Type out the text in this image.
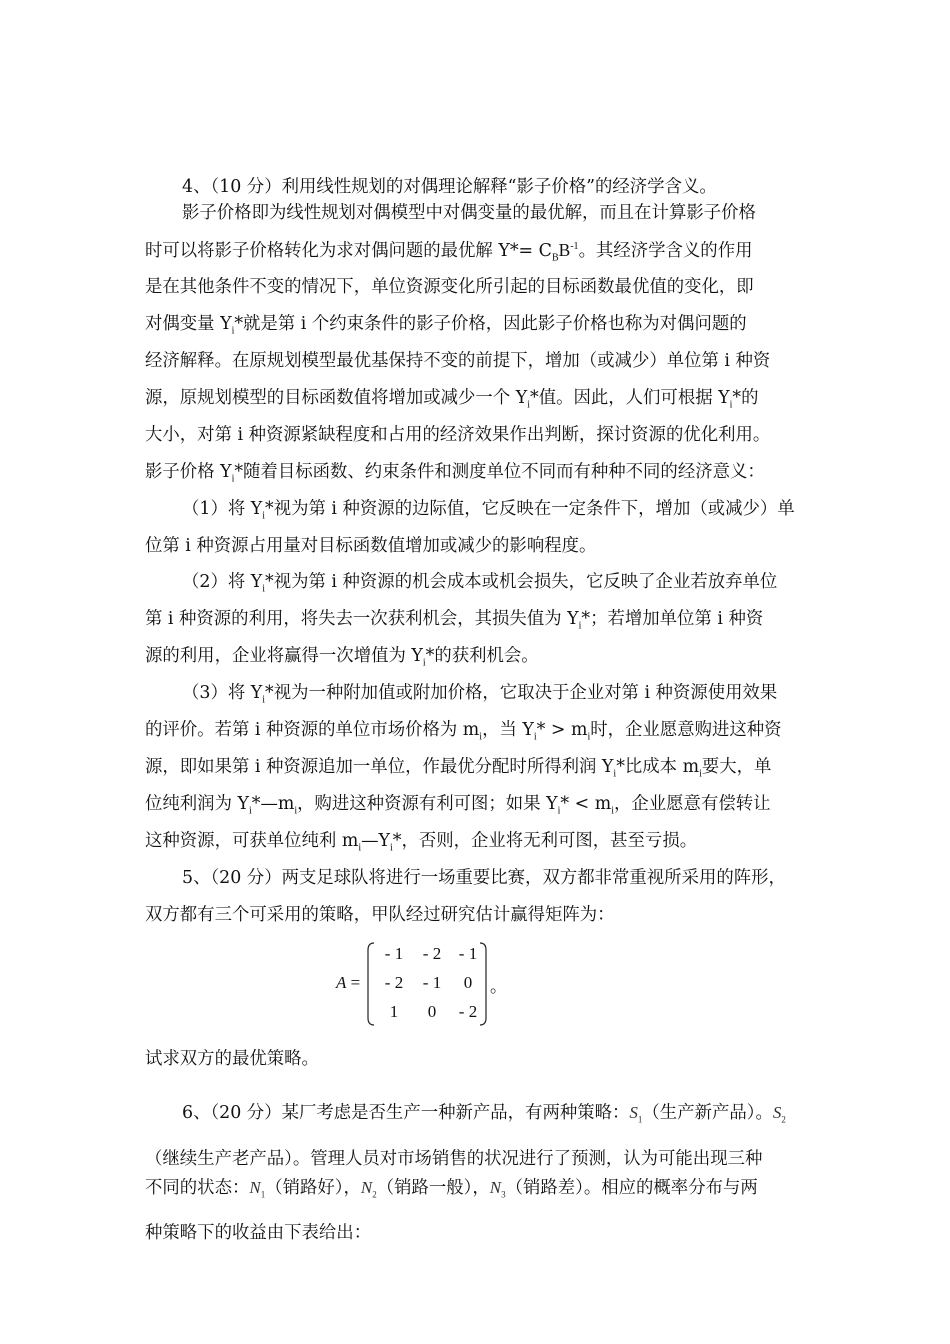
4、（10 分）利用线性规划的对偶理论解释“影子价格”的经济学含义。
影子价格即为线性规划对偶模型中对偶变量的最优解，而且在计算影子价格
时可以将影子价格转化为求对偶问题的最优解 $Y*= C_BB^{-1}$。其经济学含义的作用
是在其他条件不变的情况下，单位资源变化所引起的目标函数最优值的变化，即
对偶变量 $Y_i*$就是第 i 个约束条件的影子价格，因此影子价格也称为对偶问题的
经济解释。在原规划模型最优基保持不变的前提下，增加（或减少）单位第 i 种资
源，原规划模型的目标函数值将增加或减少一个 $Y_i*$值。因此，人们可根据 $Y_i*$的
大小，对第 i 种资源紧缺程度和占用的经济效果作出判断，探讨资源的优化利用。
影子价格 $Y_i*$随着目标函数、约束条件和测度单位不同而有种种不同的经济意义：
（1）将 $Y_i*$视为第 i 种资源的边际值，它反映在一定条件下，增加（或减少）单
位第 i 种资源占用量对目标函数值增加或减少的影响程度。
（2）将 $Y_i*$视为第 i 种资源的机会成本或机会损失，它反映了企业若放弃单位
第 i 种资源的利用，将失去一次获利机会，其损失值为 $Y_i*$；若增加单位第 i 种资
源的利用，企业将赢得一次增值为 $Y_i*$的获利机会。
（3）将 $Y_i*$视为一种附加值或附加价格，它取决于企业对第 i 种资源使用效果
的评价。若第 i 种资源的单位市场价格为 $m_i$，当 $Y_i* > m_i$时，企业愿意购进这种资
源，即如果第 i 种资源追加一单位，作最优分配时所得利润 $Y_i*$比成本 $m_i$要大，单
位纯利润为 $Y_i*—m_i$，购进这种资源有利可图；如果 $Y_i* < m_i$，企业愿意有偿转让
这种资源，可获单位纯利 $m_i—Y_i*$，否则，企业将无利可图，甚至亏损。
5、（20 分）两支足球队将进行一场重要比赛，双方都非常重视所采用的阵形，
双方都有三个可采用的策略，甲队经过研究估计赢得矩阵为：
A =
- 1	- 2	- 1
- 2	- 1	0
1	0	- 2
。
试求双方的最优策略。
6、（20 分）某厂考虑是否生产一种新产品，有两种策略：$S_1$（生产新产品）。$S_2$
（继续生产老产品）。管理人员对市场销售的状况进行了预测，认为可能出现三种
不同的状态：$N_1$（销路好），$N_2$（销路一般），$N_3$（销路差）。相应的概率分布与两
种策略下的收益由下表给出：
